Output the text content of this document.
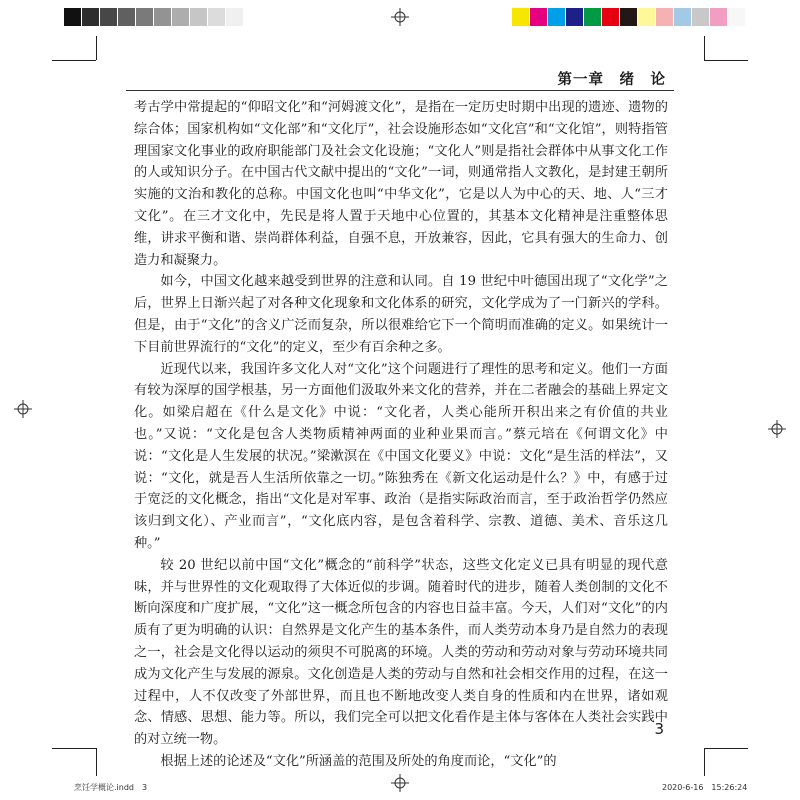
第一章　绪　论

考古学中常提起的“仰昭文化”和“河姆渡文化”，是指在一定历史时期中出现的遗迹、遗物的综合体；国家机构如“文化部”和“文化厅”，社会设施形态如“文化宫”和“文化馆”，则特指管理国家文化事业的政府职能部门及社会文化设施；“文化人”则是指社会群体中从事文化工作的人或知识分子。在中国古代文献中提出的“文化”一词，则通常指人文教化，是封建王朝所实施的文治和教化的总称。中国文化也叫“中华文化”，它是以人为中心的天、地、人“三才文化”。在三才文化中，先民是将人置于天地中心位置的，其基本文化精神是注重整体思维，讲求平衡和谐、崇尚群体利益，自强不息，开放兼容，因此，它具有强大的生命力、创造力和凝聚力。

如今，中国文化越来越受到世界的注意和认同。自 19 世纪中叶德国出现了“文化学”之后，世界上日渐兴起了对各种文化现象和文化体系的研究，文化学成为了一门新兴的学科。但是，由于“文化”的含义广泛而复杂，所以很难给它下一个简明而准确的定义。如果统计一下目前世界流行的“文化”的定义，至少有百余种之多。

近现代以来，我国许多文化人对“文化”这个问题进行了理性的思考和定义。他们一方面有较为深厚的国学根基，另一方面他们汲取外来文化的营养，并在二者融会的基础上界定文化。如梁启超在《什么是文化》中说：“文化者，人类心能所开积出来之有价值的共业也。”又说：“文化是包含人类物质精神两面的业种业果而言。”蔡元培在《何谓文化》中说：“文化是人生发展的状况。”梁漱溟在《中国文化要义》中说：文化“是生活的样法”，又说：“文化，就是吾人生活所依靠之一切。”陈独秀在《新文化运动是什么？》中，有感于过于宽泛的文化概念，指出“文化是对军事、政治（是指实际政治而言，至于政治哲学仍然应该归到文化）、产业而言”，“文化底内容，是包含着科学、宗教、道德、美术、音乐这几种。”

较 20 世纪以前中国“文化”概念的“前科学”状态，这些文化定义已具有明显的现代意味，并与世界性的文化观取得了大体近似的步调。随着时代的进步，随着人类创制的文化不断向深度和广度扩展，“文化”这一概念所包含的内容也日益丰富。今天，人们对“文化”的内质有了更为明确的认识：自然界是文化产生的基本条件，而人类劳动本身乃是自然力的表现之一，社会是文化得以运动的须臾不可脱离的环境。人类的劳动和劳动对象与劳动环境共同成为文化产生与发展的源泉。文化创造是人类的劳动与自然和社会相交作用的过程，在这一过程中，人不仅改变了外部世界，而且也不断地改变人类自身的性质和内在世界，诸如观念、情感、思想、能力等。所以，我们完全可以把文化看作是主体与客体在人类社会实践中的对立统一物。

根据上述的论述及“文化”所涵盖的范围及所处的角度而论，“文化”的

3
烹饪学概论.indd　3	2020-6-16　15:26:24
